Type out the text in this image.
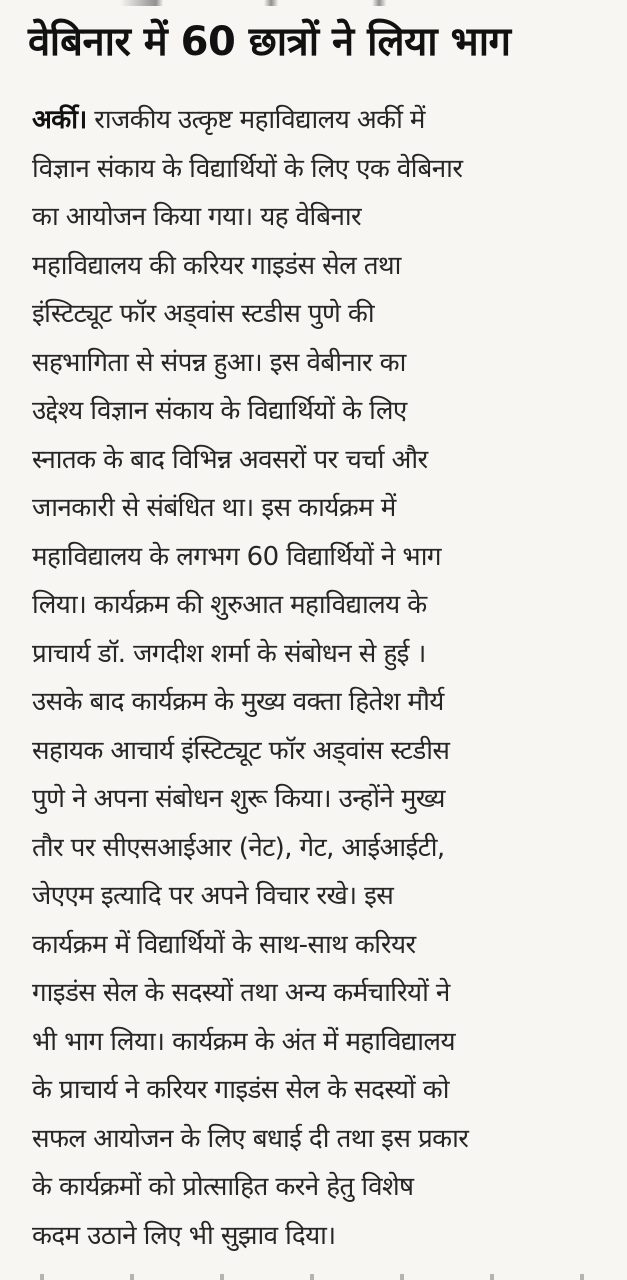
वेबिनार में 60 छात्रों ने लिया भाग
अर्की। राजकीय उत्कृष्ट महाविद्यालय अर्की में
विज्ञान संकाय के विद्यार्थियों के लिए एक वेबिनार
का आयोजन किया गया। यह वेबिनार
महाविद्यालय की करियर गाइडंस सेल तथा
इंस्टिट्यूट फॉर अड्वांस स्टडीस पुणे की
सहभागिता से संपन्न हुआ। इस वेबीनार का
उद्देश्य विज्ञान संकाय के विद्यार्थियों के लिए
स्नातक के बाद विभिन्न अवसरों पर चर्चा और
जानकारी से संबंधित था। इस कार्यक्रम में
महाविद्यालय के लगभग 60 विद्यार्थियों ने भाग
लिया। कार्यक्रम की शुरुआत महाविद्यालय के
प्राचार्य डॉ. जगदीश शर्मा के संबोधन से हुई ।
उसके बाद कार्यक्रम के मुख्य वक्ता हितेश मौर्य
सहायक आचार्य इंस्टिट्यूट फॉर अड्वांस स्टडीस
पुणे ने अपना संबोधन शुरू किया। उन्होंने मुख्य
तौर पर सीएसआईआर (नेट), गेट, आईआईटी,
जेएएम इत्यादि पर अपने विचार रखे। इस
कार्यक्रम में विद्यार्थियों के साथ-साथ करियर
गाइडंस सेल के सदस्यों तथा अन्य कर्मचारियों ने
भी भाग लिया। कार्यक्रम के अंत में महाविद्यालय
के प्राचार्य ने करियर गाइडंस सेल के सदस्यों को
सफल आयोजन के लिए बधाई दी तथा इस प्रकार
के कार्यक्रमों को प्रोत्साहित करने हेतु विशेष
कदम उठाने लिए भी सुझाव दिया।
